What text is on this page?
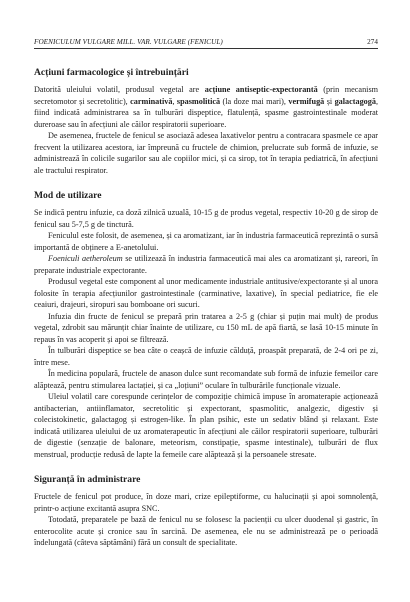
FOENICULUM VULGARE MILL. VAR. VULGARE (FENICUL)	274
Acțiuni farmacologice și întrebuințări

Datorită uleiului volatil, produsul vegetal are acțiune antiseptic-expectorantă (prin mecanism secretomotor și secretolitic), carminativă, spasmolitică (la doze mai mari), vermifugă și galactagogă, fiind indicată administrarea sa în tulburări dispeptice, flatulență, spasme gastrointestinale moderat dureroase sau în afecțiuni ale căilor respiratorii superioare.

De asemenea, fructele de fenicul se asociază adesea laxativelor pentru a contracara spasmele ce apar frecvent la utilizarea acestora, iar împreună cu fructele de chimion, prelucrate sub formă de infuzie, se administrează în colicile sugarilor sau ale copiilor mici, și ca sirop, tot în terapia pediatrică, în afecțiuni ale tractului respirator.

Mod de utilizare

Se indică pentru infuzie, ca doză zilnică uzuală, 10-15 g de produs vegetal, respectiv 10-20 g de sirop de fenicul sau 5-7,5 g de tinctură.

Feniculul este folosit, de asemenea, și ca aromatizant, iar în industria farmaceutică reprezintă o sursă importantă de obținere a E-anetolului.

Foeniculi aetheroleum se utilizează în industria farmaceutică mai ales ca aromatizant și, rareori, în preparate industriale expectorante.

Produsul vegetal este component al unor medicamente industriale antitusive/expectorante și al unora folosite în terapia afecțiunilor gastrointestinale (carminative, laxative), în special pediatrice, fie ele ceaiuri, drajeuri, siropuri sau bomboane ori sucuri.

Infuzia din fructe de fenicul se prepară prin tratarea a 2-5 g (chiar și puțin mai mult) de produs vegetal, zdrobit sau mărunțit chiar înainte de utilizare, cu 150 mL de apă fiartă, se lasă 10-15 minute în repaus în vas acoperit și apoi se filtrează.

În tulburări dispeptice se bea câte o ceașcă de infuzie călduță, proaspăt preparată, de 2-4 ori pe zi, între mese.

În medicina populară, fructele de anason dulce sunt recomandate sub formă de infuzie femeilor care alăptează, pentru stimularea lactației, și ca „loțiuni” oculare în tulburările funcționale vizuale.

Uleiul volatil care corespunde cerințelor de compoziție chimică impuse în aromaterapie acționează antibacterian, antiinflamator, secretolitic și expectorant, spasmolitic, analgezic, digestiv și colecistokinetic, galactagog și estrogen-like. În plan psihic, este un sedativ blând și relaxant. Este indicată utilizarea uleiului de uz aromaterapeutic în afecțiuni ale căilor respiratorii superioare, tulburări de digestie (senzație de balonare, meteorism, constipație, spasme intestinale), tulburări de flux menstrual, producție redusă de lapte la femeile care alăptează și la persoanele stresate.

Siguranță în administrare

Fructele de fenicul pot produce, în doze mari, crize epileptiforme, cu halucinații și apoi somnolență, printr-o acțiune excitantă asupra SNC.

Totodată, preparatele pe bază de fenicul nu se folosesc la pacienții cu ulcer duodenal și gastric, în enterocolite acute și cronice sau în sarcină. De asemenea, ele nu se administrează pe o perioadă îndelungată (câteva săptămâni) fără un consult de specialitate.
